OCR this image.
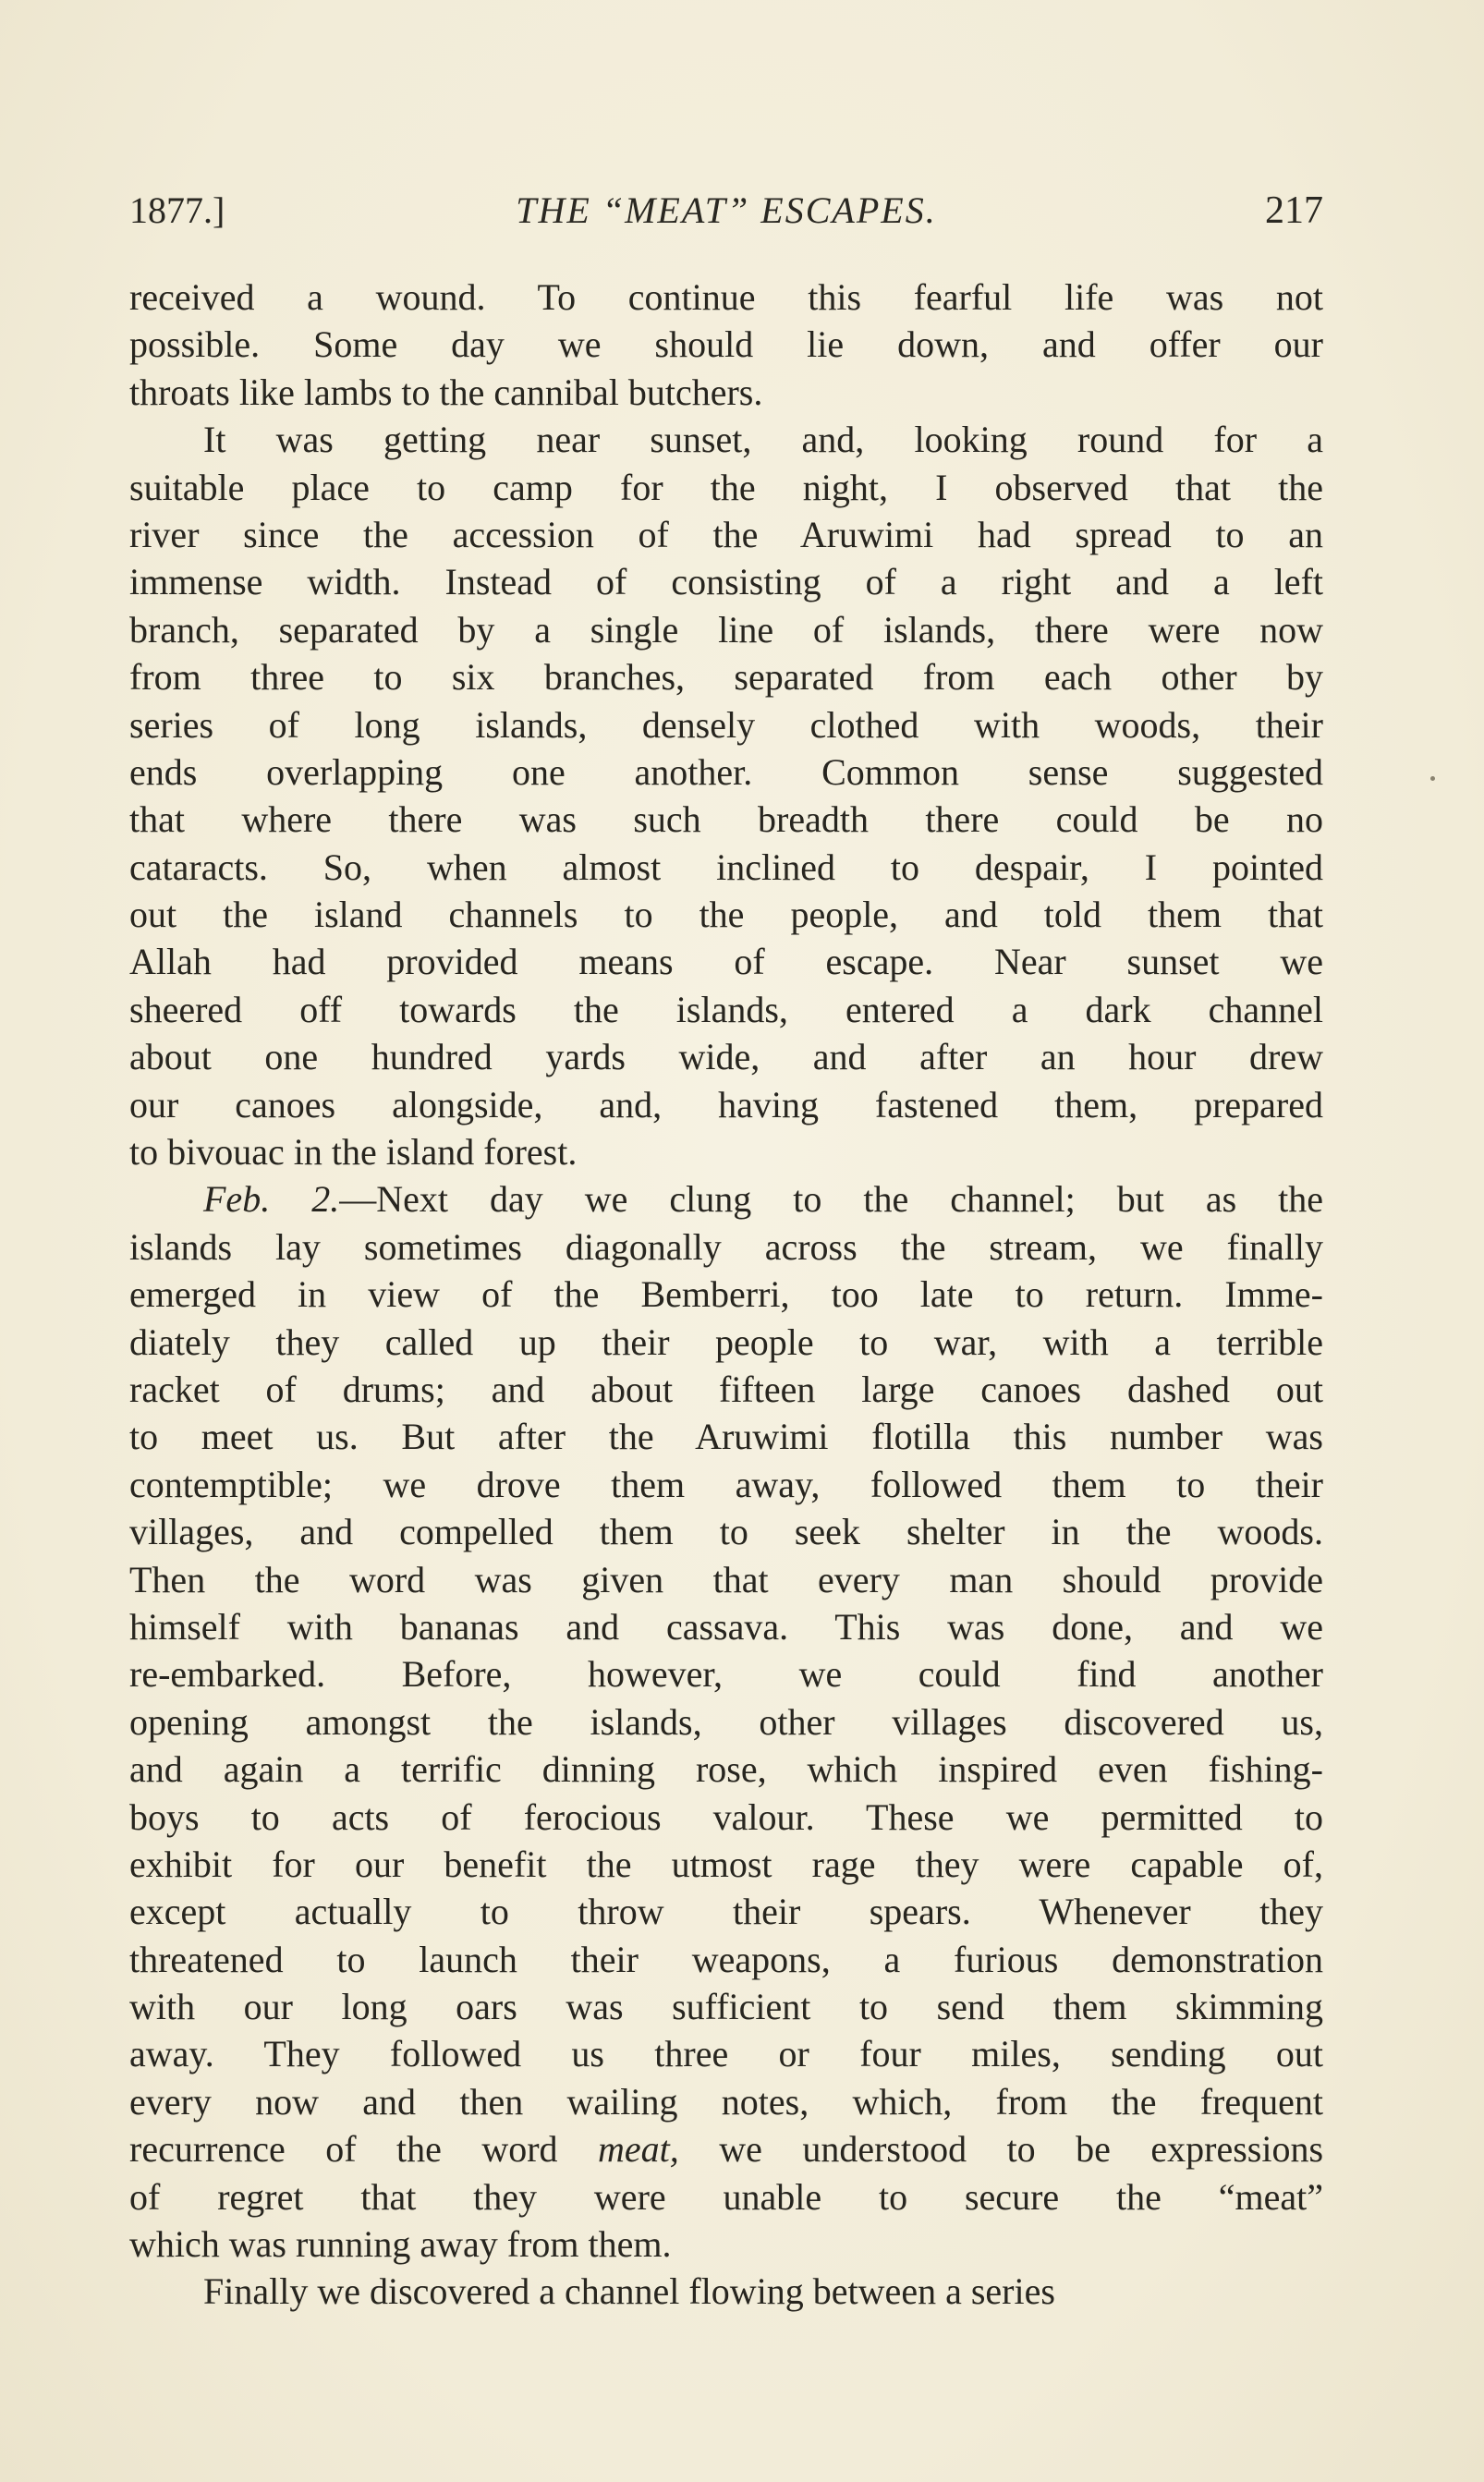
1877.]	THE “MEAT” ESCAPES.	217
received a wound. To continue this fearful life was not
possible. Some day we should lie down, and offer our
throats like lambs to the cannibal butchers.
It was getting near sunset, and, looking round for a
suitable place to camp for the night, I observed that the
river since the accession of the Aruwimi had spread to an
immense width. Instead of consisting of a right and a left
branch, separated by a single line of islands, there were now
from three to six branches, separated from each other by
series of long islands, densely clothed with woods, their
ends overlapping one another. Common sense suggested
that where there was such breadth there could be no
cataracts. So, when almost inclined to despair, I pointed
out the island channels to the people, and told them that
Allah had provided means of escape. Near sunset we
sheered off towards the islands, entered a dark channel
about one hundred yards wide, and after an hour drew
our canoes alongside, and, having fastened them, prepared
to bivouac in the island forest.
Feb. 2.—Next day we clung to the channel; but as the
islands lay sometimes diagonally across the stream, we finally
emerged in view of the Bemberri, too late to return. Imme-
diately they called up their people to war, with a terrible
racket of drums; and about fifteen large canoes dashed out
to meet us. But after the Aruwimi flotilla this number was
contemptible; we drove them away, followed them to their
villages, and compelled them to seek shelter in the woods.
Then the word was given that every man should provide
himself with bananas and cassava. This was done, and we
re-embarked. Before, however, we could find another
opening amongst the islands, other villages discovered us,
and again a terrific dinning rose, which inspired even fishing-
boys to acts of ferocious valour. These we permitted to
exhibit for our benefit the utmost rage they were capable of,
except actually to throw their spears. Whenever they
threatened to launch their weapons, a furious demonstration
with our long oars was sufficient to send them skimming
away. They followed us three or four miles, sending out
every now and then wailing notes, which, from the frequent
recurrence of the word meat, we understood to be expressions
of regret that they were unable to secure the “meat”
which was running away from them.
Finally we discovered a channel flowing between a series
